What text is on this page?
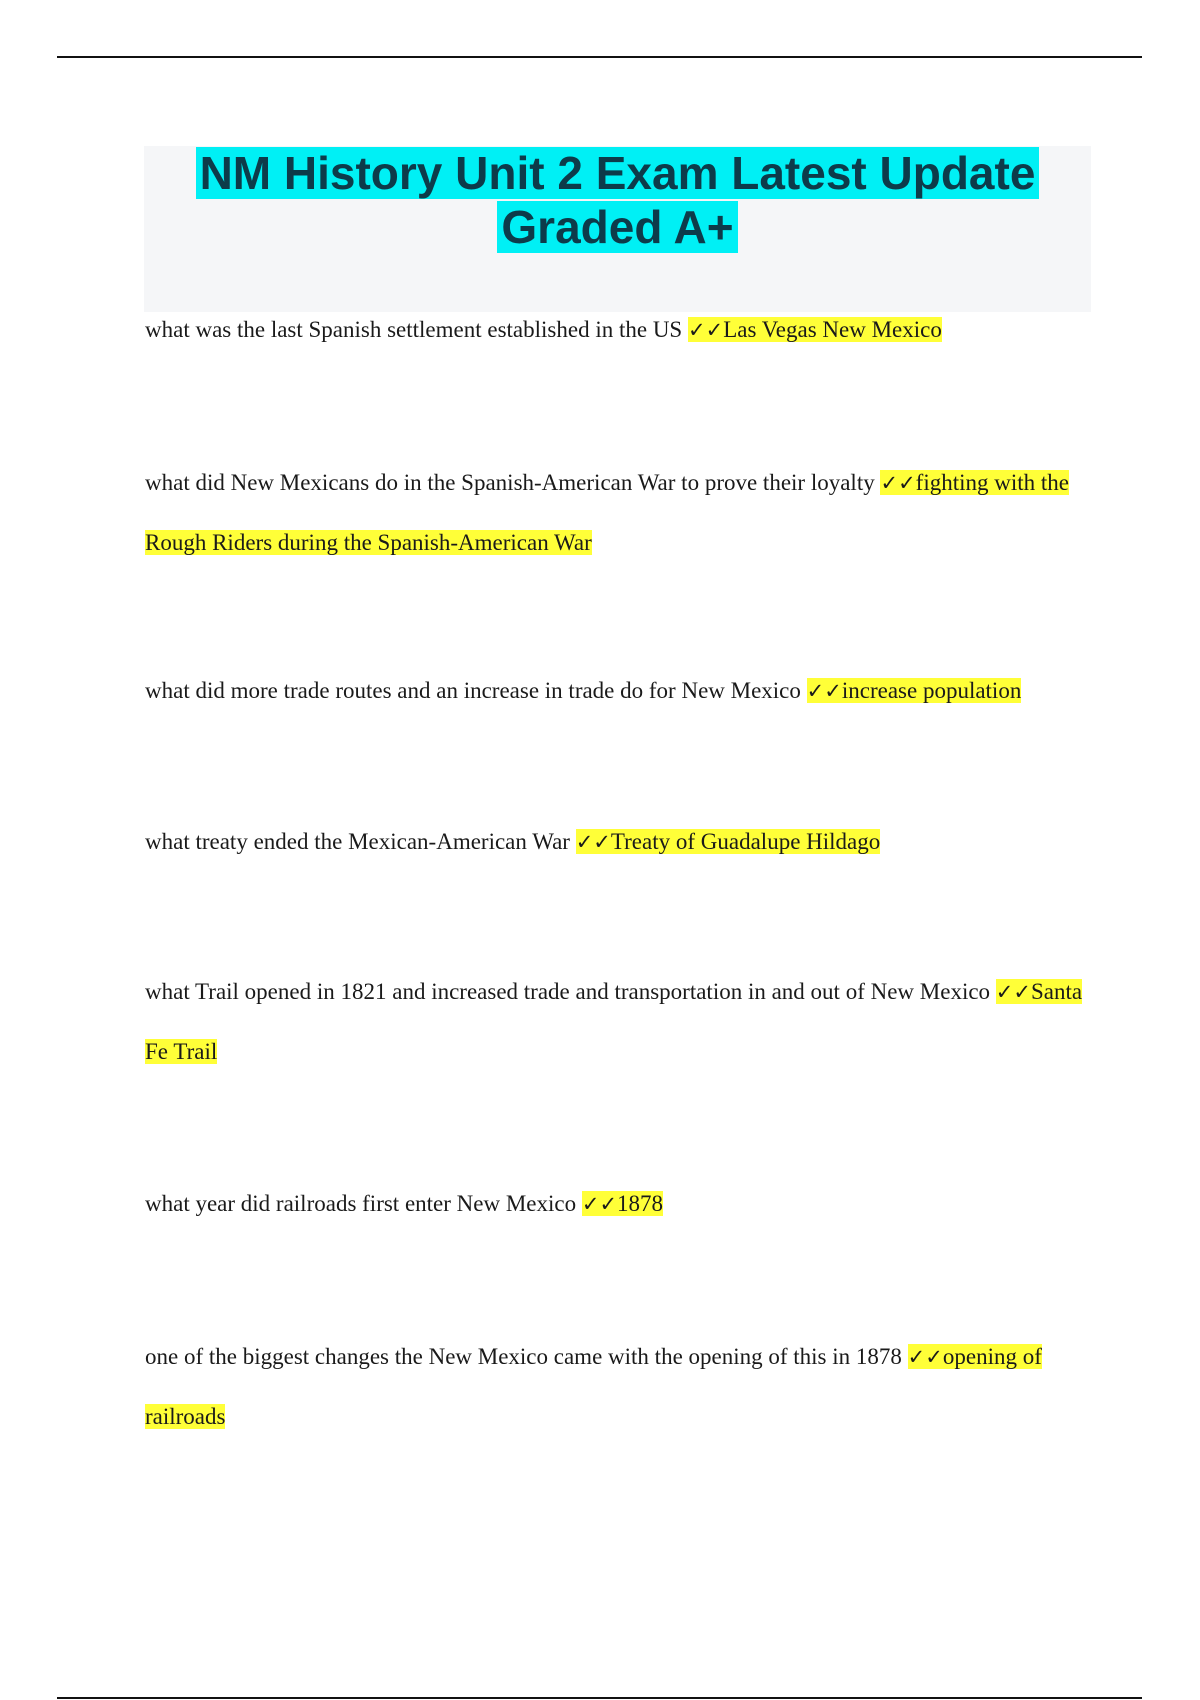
NM History Unit 2 Exam Latest Update
Graded A+

what was the last Spanish settlement established in the US ✓✓Las Vegas New Mexico

what did New Mexicans do in the Spanish-American War to prove their loyalty ✓✓fighting with the Rough Riders during the Spanish-American War

what did more trade routes and an increase in trade do for New Mexico ✓✓increase population

what treaty ended the Mexican-American War ✓✓Treaty of Guadalupe Hildago

what Trail opened in 1821 and increased trade and transportation in and out of New Mexico ✓✓Santa Fe Trail

what year did railroads first enter New Mexico ✓✓1878

one of the biggest changes the New Mexico came with the opening of this in 1878 ✓✓opening of railroads
